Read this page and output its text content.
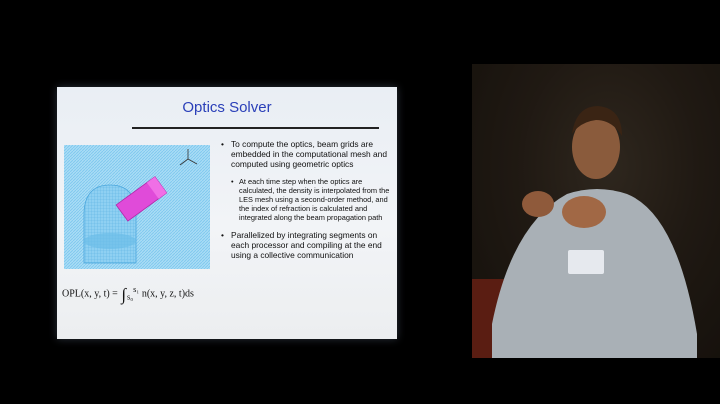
Optics Solver
OPL(x, y, $t) = \int_{s_0}^{s_1}$ n(x, y, z, t)ds
• To compute the optics, beam grids are embedded in the computational mesh and computed using geometric optics
• At each time step when the optics are calculated, the density is interpolated from the LES mesh using a second-order method, and the index of refraction is calculated and integrated along the beam propagation path
• Parallelized by integrating segments on each processor and compiling at the end using a collective communication
